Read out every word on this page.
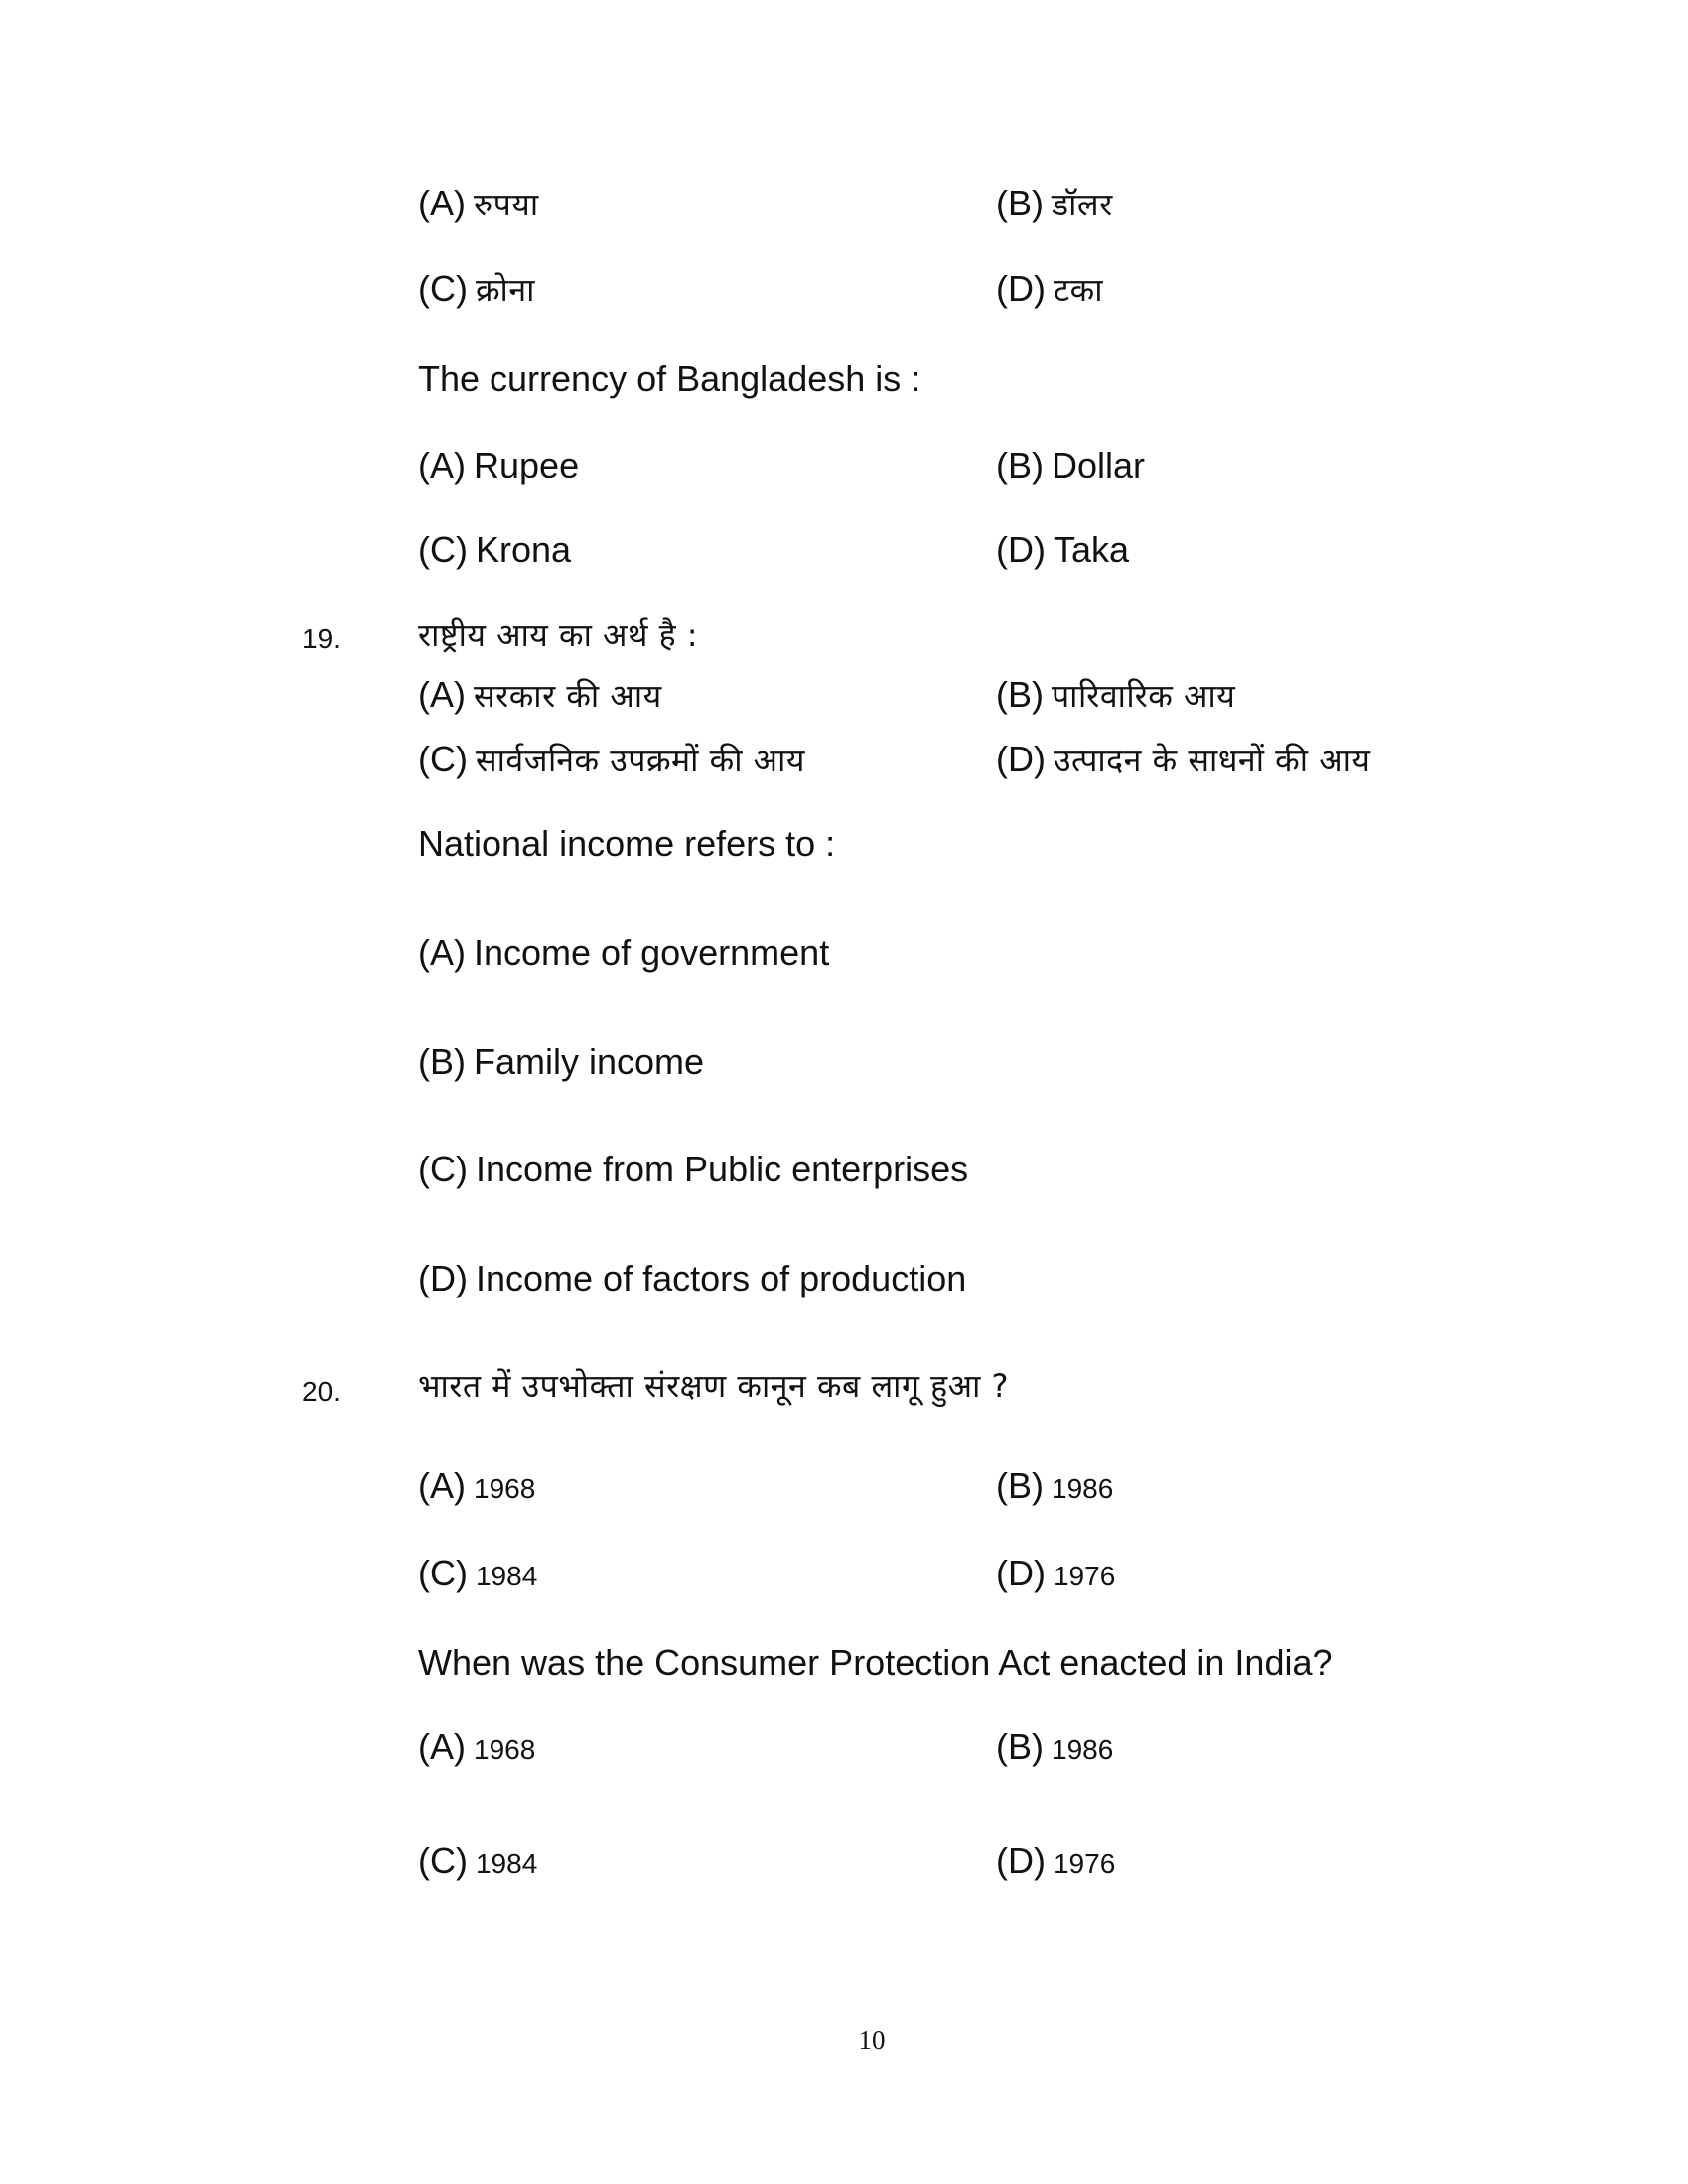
(A) रुपया	(B) डॉलर
(C) क्रोना	(D) टका
The currency of Bangladesh is :
(A) Rupee	(B) Dollar
(C) Krona	(D) Taka
19. राष्ट्रीय आय का अर्थ है :
(A) सरकार की आय	(B) पारिवारिक आय
(C) सार्वजनिक उपक्रमों की आय	(D) उत्पादन के साधनों की आय
National income refers to :
(A) Income of government
(B) Family income
(C) Income from Public enterprises
(D) Income of factors of production
20. भारत में उपभोक्ता संरक्षण कानून कब लागू हुआ ?
(A) 1968	(B) 1986
(C) 1984	(D) 1976
When was the Consumer Protection Act enacted in India?
(A) 1968	(B) 1986
(C) 1984	(D) 1976
10
